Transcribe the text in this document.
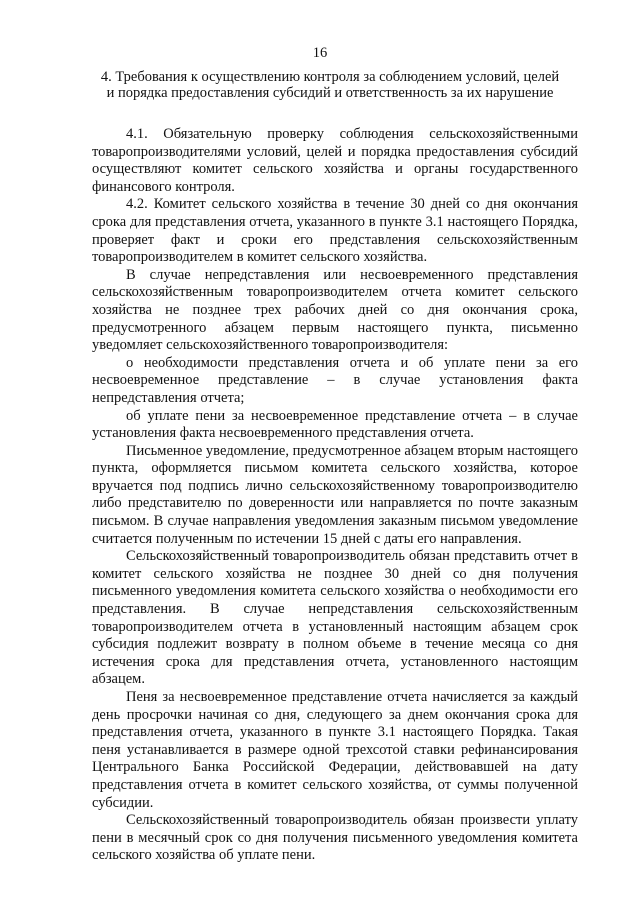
16
4. Требования к осуществлению контроля за соблюдением условий, целей и порядка предоставления субсидий и ответственность за их нарушение

4.1. Обязательную проверку соблюдения сельскохозяйственными товаропроизводителями условий, целей и порядка предоставления субсидий осуществляют комитет сельского хозяйства и органы государственного финансового контроля.

4.2. Комитет сельского хозяйства в течение 30 дней со дня окончания срока для представления отчета, указанного в пункте 3.1 настоящего Порядка, проверяет факт и сроки его представления сельскохозяйственным товаропроизводителем в комитет сельского хозяйства.

В случае непредставления или несвоевременного представления сельскохозяйственным товаропроизводителем отчета комитет сельского хозяйства не позднее трех рабочих дней со дня окончания срока, предусмотренного абзацем первым настоящего пункта, письменно уведомляет сельскохозяйственного товаропроизводителя:

о необходимости представления отчета и об уплате пени за его несвоевременное представление – в случае установления факта непредставления отчета;

об уплате пени за несвоевременное представление отчета – в случае установления факта несвоевременного представления отчета.

Письменное уведомление, предусмотренное абзацем вторым настоящего пункта, оформляется письмом комитета сельского хозяйства, которое вручается под подпись лично сельскохозяйственному товаропроизводителю либо представителю по доверенности или направляется по почте заказным письмом. В случае направления уведомления заказным письмом уведомление считается полученным по истечении 15 дней с даты его направления.

Сельскохозяйственный товаропроизводитель обязан представить отчет в комитет сельского хозяйства не позднее 30 дней со дня получения письменного уведомления комитета сельского хозяйства о необходимости его представления. В случае непредставления сельскохозяйственным товаропроизводителем отчета в установленный настоящим абзацем срок субсидия подлежит возврату в полном объеме в течение месяца со дня истечения срока для представления отчета, установленного настоящим абзацем.

Пеня за несвоевременное представление отчета начисляется за каждый день просрочки начиная со дня, следующего за днем окончания срока для представления отчета, указанного в пункте 3.1 настоящего Порядка. Такая пеня устанавливается в размере одной трехсотой ставки рефинансирования Центрального Банка Российской Федерации, действовавшей на дату представления отчета в комитет сельского хозяйства, от суммы полученной субсидии.

Сельскохозяйственный товаропроизводитель обязан произвести уплату пени в месячный срок со дня получения письменного уведомления комитета сельского хозяйства об уплате пени.
